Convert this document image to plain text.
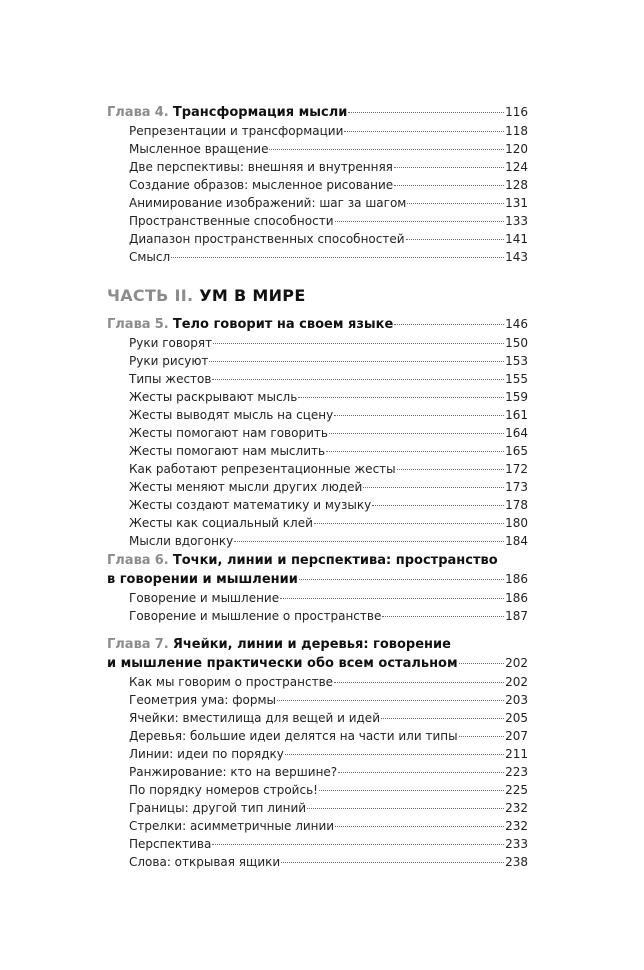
Глава 4. Трансформация мысли	116
Репрезентации и трансформации	118
Мысленное вращение	120
Две перспективы: внешняя и внутренняя	124
Создание образов: мысленное рисование	128
Анимирование изображений: шаг за шагом	131
Пространственные способности	133
Диапазон пространственных способностей	141
Смысл	143
ЧАСТЬ II. УМ В МИРЕ
Глава 5. Тело говорит на своем языке	146
Руки говорят	150
Руки рисуют	153
Типы жестов	155
Жесты раскрывают мысль	159
Жесты выводят мысль на сцену	161
Жесты помогают нам говорить	164
Жесты помогают нам мыслить	165
Как работают репрезентационные жесты	172
Жесты меняют мысли других людей	173
Жесты создают математику и музыку	178
Жесты как социальный клей	180
Мысли вдогонку	184
Глава 6. Точки, линии и перспектива: пространство
в говорении и мышлении	186
Говорение и мышление	186
Говорение и мышление о пространстве	187
Глава 7. Ячейки, линии и деревья: говорение
и мышление практически обо всем остальном	202
Как мы говорим о пространстве	202
Геометрия ума: формы	203
Ячейки: вместилища для вещей и идей	205
Деревья: большие идеи делятся на части или типы	207
Линии: идеи по порядку	211
Ранжирование: кто на вершине?	223
По порядку номеров стройсь!	225
Границы: другой тип линий	232
Стрелки: асимметричные линии	232
Перспектива	233
Слова: открывая ящики	238
